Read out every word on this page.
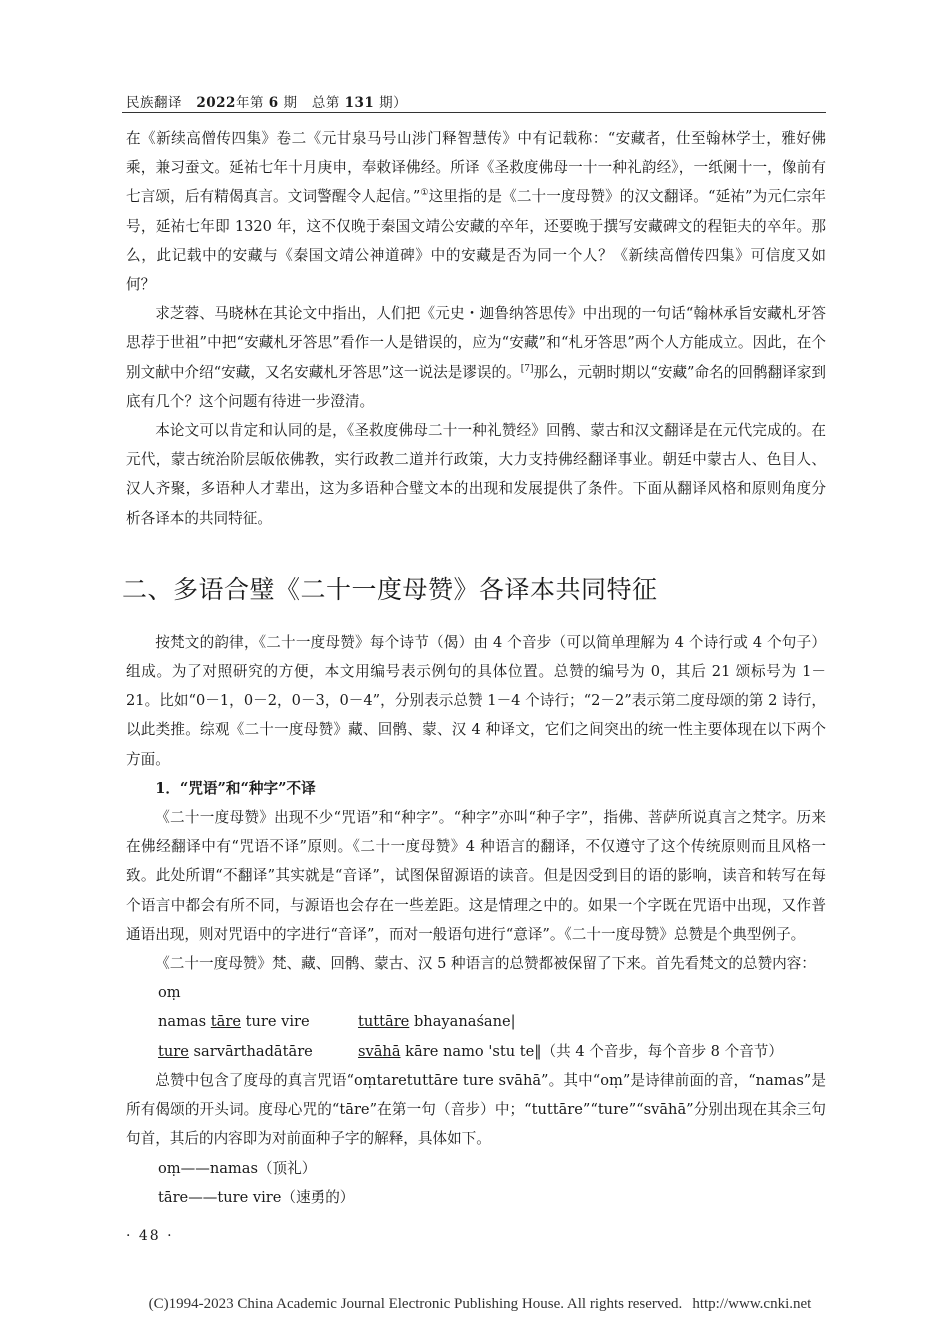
民族翻译 2022年第 6 期 总第 131 期）

在《新续高僧传四集》卷二《元甘泉马号山涉门释智慧传》中有记载称：“安藏者，仕至翰林学士，雅好佛乘，兼习蚕文。延祐七年十月庚申，奉敕译佛经。所译《圣救度佛母一十一种礼韵经》，一纸阑十一，像前有七言颂，后有精偈真言。文词警醒令人起信。”①这里指的是《二十一度母赞》的汉文翻译。“延祐”为元仁宗年号，延祐七年即 1320 年，这不仅晚于秦国文靖公安藏的卒年，还要晚于撰写安藏碑文的程钜夫的卒年。那么，此记载中的安藏与《秦国文靖公神道碑》中的安藏是否为同一个人？《新续高僧传四集》可信度又如何？

求芝蓉、马晓林在其论文中指出，人们把《元史・迦鲁纳答思传》中出现的一句话“翰林承旨安藏札牙答思荐于世祖”中把“安藏札牙答思”看作一人是错误的，应为“安藏”和“札牙答思”两个人方能成立。因此，在个别文献中介绍“安藏，又名安藏札牙答思”这一说法是谬误的。[7]那么，元朝时期以“安藏”命名的回鹘翻译家到底有几个？这个问题有待进一步澄清。

本论文可以肯定和认同的是，《圣救度佛母二十一种礼赞经》回鹘、蒙古和汉文翻译是在元代完成的。在元代，蒙古统治阶层皈依佛教，实行政教二道并行政策，大力支持佛经翻译事业。朝廷中蒙古人、色目人、汉人齐聚，多语种人才辈出，这为多语种合璧文本的出现和发展提供了条件。下面从翻译风格和原则角度分析各译本的共同特征。

二、多语合璧《二十一度母赞》各译本共同特征

按梵文的韵律，《二十一度母赞》每个诗节（偈）由 4 个音步（可以简单理解为 4 个诗行或 4 个句子）组成。为了对照研究的方便，本文用编号表示例句的具体位置。总赞的编号为 0，其后 21 颂标号为 1－21。比如“0－1，0－2，0－3，0－4”，分别表示总赞 1－4 个诗行；“2－2”表示第二度母颂的第 2 诗行，以此类推。综观《二十一度母赞》藏、回鹘、蒙、汉 4 种译文，它们之间突出的统一性主要体现在以下两个方面。

1．“咒语”和“种字”不译

《二十一度母赞》出现不少“咒语”和“种字”。“种字”亦叫“种子字”，指佛、菩萨所说真言之梵字。历来在佛经翻译中有“咒语不译”原则。《二十一度母赞》4 种语言的翻译，不仅遵守了这个传统原则而且风格一致。此处所谓“不翻译”其实就是“音译”，试图保留源语的读音。但是因受到目的语的影响，读音和转写在每个语言中都会有所不同，与源语也会存在一些差距。这是情理之中的。如果一个字既在咒语中出现，又作普通语出现，则对咒语中的字进行“音译”，而对一般语句进行“意译”。《二十一度母赞》总赞是个典型例子。

《二十一度母赞》梵、藏、回鹘、蒙古、汉 5 种语言的总赞都被保留了下来。首先看梵文的总赞内容：

oṃ

namas tāre ture vire	tuttāre bhayanaśane|

ture sarvārthadātāre	svāhā kāre namo 'stu te‖（共 4 个音步，每个音步 8 个音节）

总赞中包含了度母的真言咒语“oṃtaretuttāre ture svāhā”。其中“oṃ”是诗律前面的音，“namas”是所有偈颂的开头词。度母心咒的“tāre”在第一句（音步）中；“tuttāre”“ture”“svāhā”分别出现在其余三句句首，其后的内容即为对前面种子字的解释，具体如下。

oṃ——namas（顶礼）

tāre——ture vire（速勇的）

· 48 ·
(C)1994-2023 China Academic Journal Electronic Publishing House. All rights reserved. http://www.cnki.net
